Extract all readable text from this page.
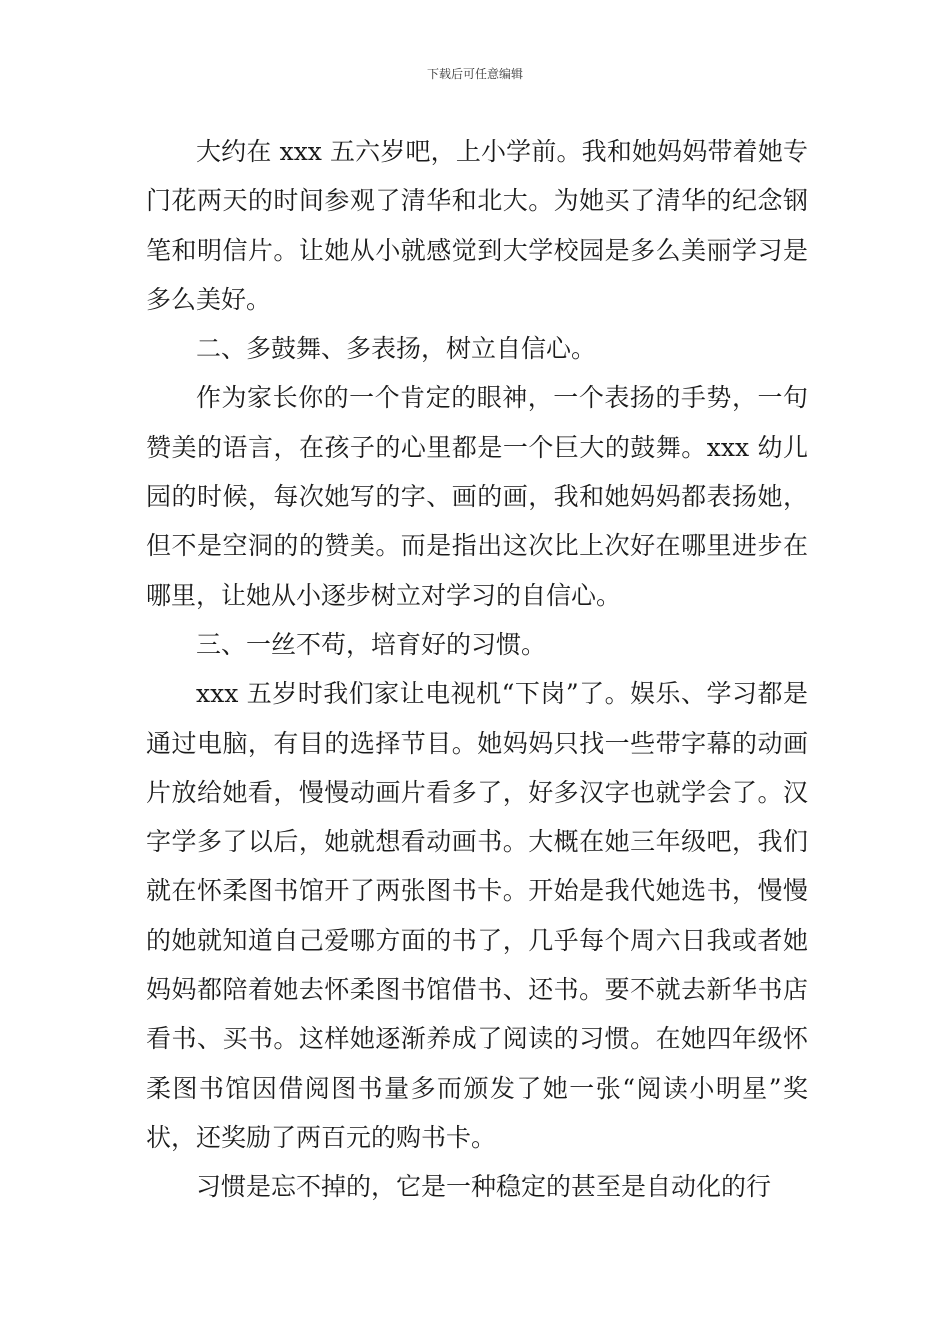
下载后可任意编辑

大约在 xxx 五六岁吧，上小学前。我和她妈妈带着她专门花两天的时间参观了清华和北大。为她买了清华的纪念钢笔和明信片。让她从小就感觉到大学校园是多么美丽学习是多么美好。

二、多鼓舞、多表扬，树立自信心。

作为家长你的一个肯定的眼神，一个表扬的手势，一句赞美的语言，在孩子的心里都是一个巨大的鼓舞。xxx 幼儿园的时候，每次她写的字、画的画，我和她妈妈都表扬她，但不是空洞的的赞美。而是指出这次比上次好在哪里进步在哪里，让她从小逐步树立对学习的自信心。

三、一丝不苟，培育好的习惯。

xxx 五岁时我们家让电视机“下岗”了。娱乐、学习都是通过电脑，有目的选择节目。她妈妈只找一些带字幕的动画片放给她看，慢慢动画片看多了，好多汉字也就学会了。汉字学多了以后，她就想看动画书。大概在她三年级吧，我们就在怀柔图书馆开了两张图书卡。开始是我代她选书，慢慢的她就知道自己爱哪方面的书了，几乎每个周六日我或者她妈妈都陪着她去怀柔图书馆借书、还书。要不就去新华书店看书、买书。这样她逐渐养成了阅读的习惯。在她四年级怀柔图书馆因借阅图书量多而颁发了她一张“阅读小明星”奖状，还奖励了两百元的购书卡。

习惯是忘不掉的，它是一种稳定的甚至是自动化的行
